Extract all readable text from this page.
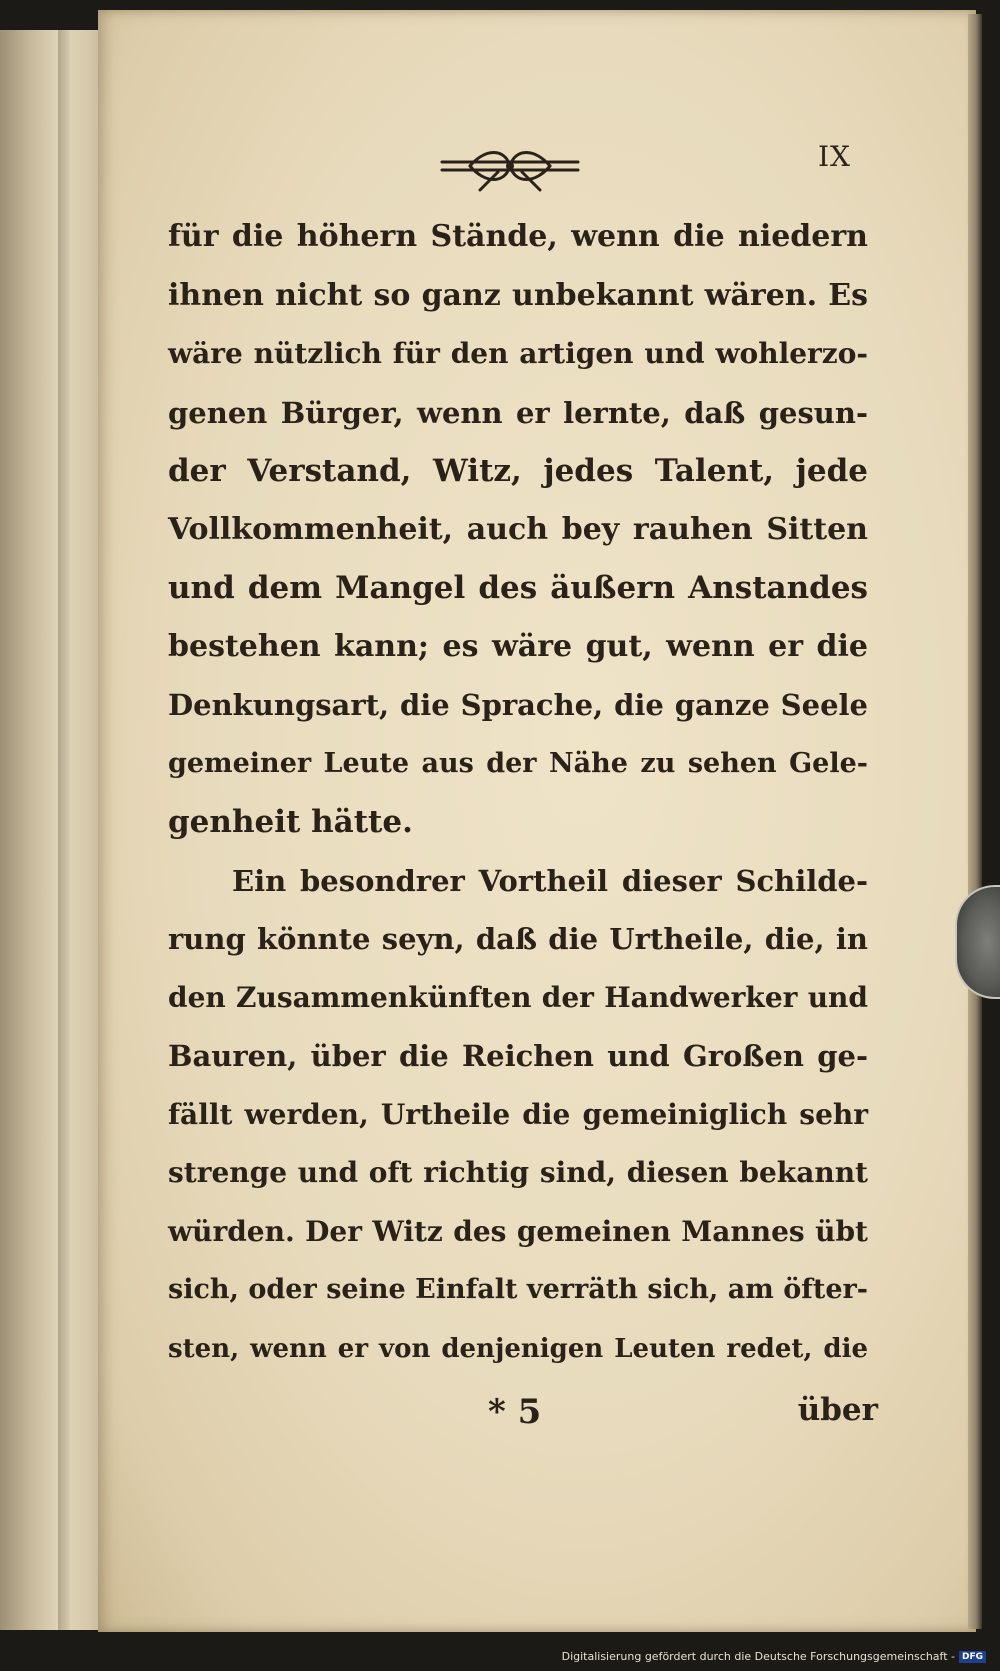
IX
für die höhern Stände, wenn die niedern
ihnen nicht so ganz unbekannt wären. Es
wäre nützlich für den artigen und wohlerzo-
genen Bürger, wenn er lernte, daß gesun-
der Verstand, Witz, jedes Talent, jede
Vollkommenheit, auch bey rauhen Sitten
und dem Mangel des äußern Anstandes
bestehen kann; es wäre gut, wenn er die
Denkungsart, die Sprache, die ganze Seele
gemeiner Leute aus der Nähe zu sehen Gele-
genheit hätte.
Ein besondrer Vortheil dieser Schilde-
rung könnte seyn, daß die Urtheile, die, in
den Zusammenkünften der Handwerker und
Bauren, über die Reichen und Großen ge-
fällt werden, Urtheile die gemeiniglich sehr
strenge und oft richtig sind, diesen bekannt
würden. Der Witz des gemeinen Mannes übt
sich, oder seine Einfalt verräth sich, am öfter-
sten, wenn er von denjenigen Leuten redet, die
* 5	über
Digitalisierung gefördert durch die Deutsche Forschungsgemeinschaft - DFG
